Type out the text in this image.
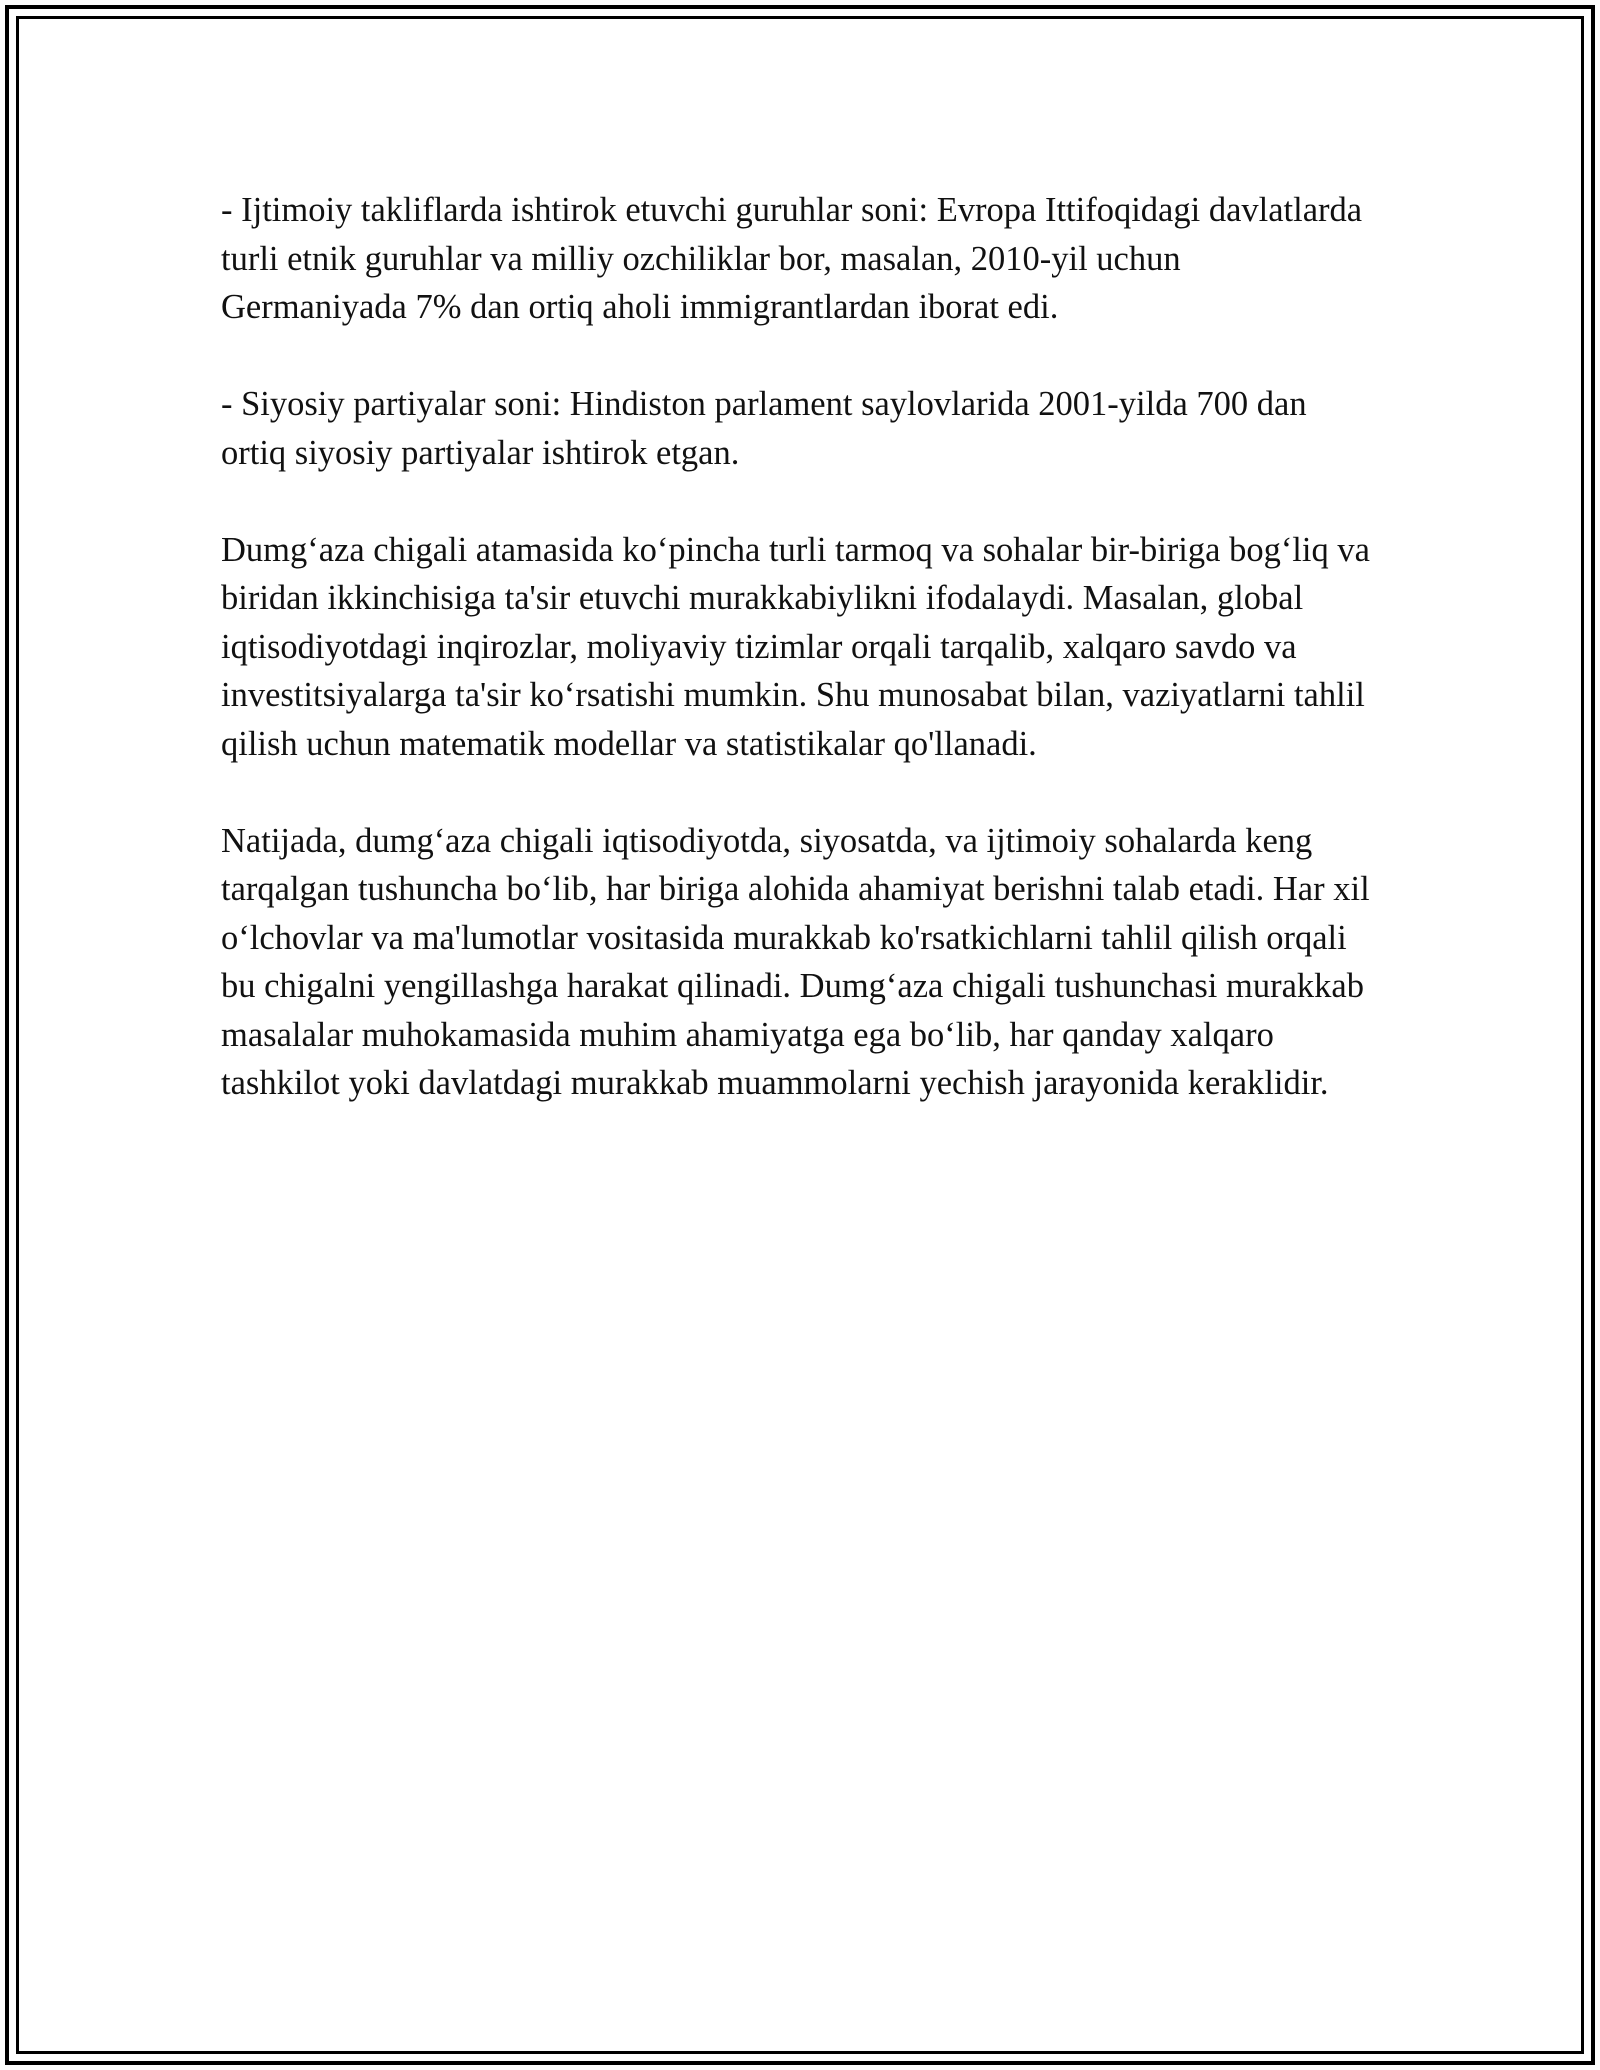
- Ijtimoiy takliflarda ishtirok etuvchi guruhlar soni: Evropa Ittifoqidagi davlatlarda turli etnik guruhlar va milliy ozchiliklar bor, masalan, 2010-yil uchun Germaniyada 7% dan ortiq aholi immigrantlardan iborat edi.

- Siyosiy partiyalar soni: Hindiston parlament saylovlarida 2001-yilda 700 dan ortiq siyosiy partiyalar ishtirok etgan.

Dumg‘aza chigali atamasida ko‘pincha turli tarmoq va sohalar bir-biriga bog‘liq va biridan ikkinchisiga ta'sir etuvchi murakkabiylikni ifodalaydi. Masalan, global iqtisodiyotdagi inqirozlar, moliyaviy tizimlar orqali tarqalib, xalqaro savdo va investitsiyalarga ta'sir ko‘rsatishi mumkin. Shu munosabat bilan, vaziyatlarni tahlil qilish uchun matematik modellar va statistikalar qo'llanadi.

Natijada, dumg‘aza chigali iqtisodiyotda, siyosatda, va ijtimoiy sohalarda keng tarqalgan tushuncha bo‘lib, har biriga alohida ahamiyat berishni talab etadi. Har xil o‘lchovlar va ma'lumotlar vositasida murakkab ko'rsatkichlarni tahlil qilish orqali bu chigalni yengillashga harakat qilinadi. Dumg‘aza chigali tushunchasi murakkab masalalar muhokamasida muhim ahamiyatga ega bo‘lib, har qanday xalqaro tashkilot yoki davlatdagi murakkab muammolarni yechish jarayonida keraklidir.
